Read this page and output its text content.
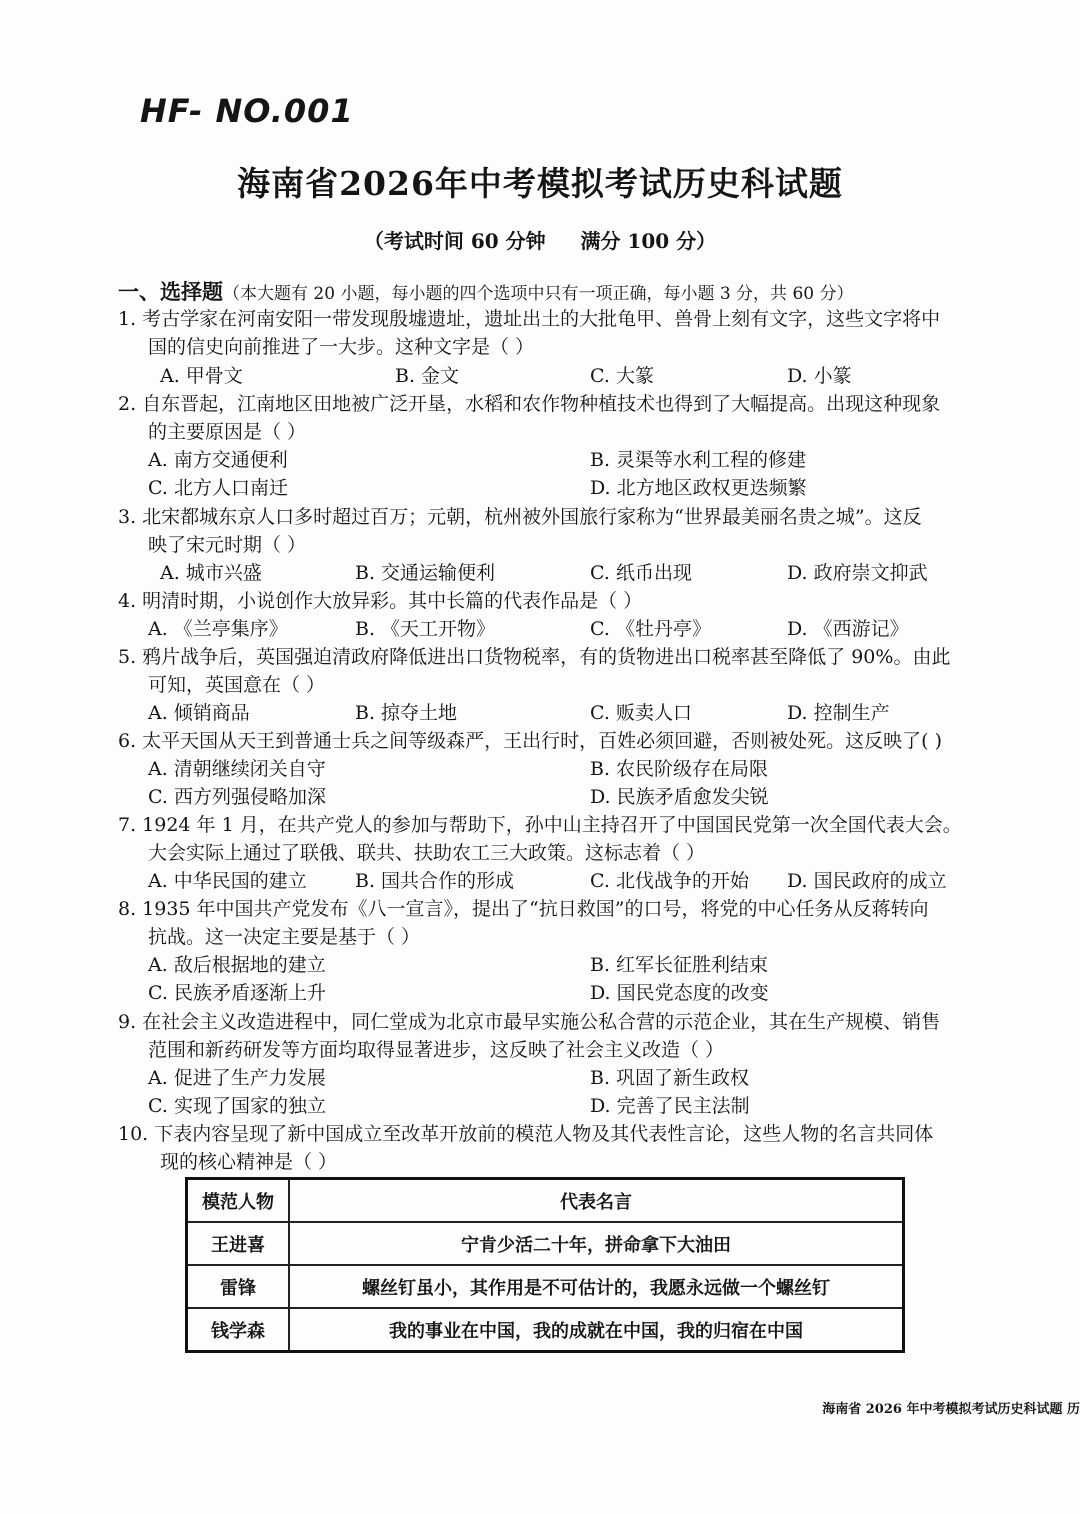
HF- NO.001
海南省2026年中考模拟考试历史科试题
（考试时间 60 分钟     满分 100 分）
一、选择题（本大题有 20 小题，每小题的四个选项中只有一项正确，每小题 3 分，共 60 分）
1. 考古学家在河南安阳一带发现殷墟遗址，遗址出土的大批龟甲、兽骨上刻有文字，这些文字将中
国的信史向前推进了一大步。这种文字是（ ）
A. 甲骨文	B. 金文	C. 大篆	D. 小篆
2. 自东晋起，江南地区田地被广泛开垦，水稻和农作物种植技术也得到了大幅提高。出现这种现象
的主要原因是（ ）
A. 南方交通便利	B. 灵渠等水利工程的修建
C. 北方人口南迁	D. 北方地区政权更迭频繁
3. 北宋都城东京人口多时超过百万；元朝，杭州被外国旅行家称为“世界最美丽名贵之城”。这反
映了宋元时期（ ）
A. 城市兴盛	B. 交通运输便利	C. 纸币出现	D. 政府崇文抑武
4. 明清时期，小说创作大放异彩。其中长篇的代表作品是（ ）
A. 《兰亭集序》	B. 《天工开物》	C. 《牡丹亭》	D. 《西游记》
5. 鸦片战争后，英国强迫清政府降低进出口货物税率，有的货物进出口税率甚至降低了 90%。由此
可知，英国意在（ ）
A. 倾销商品	B. 掠夺土地	C. 贩卖人口	D. 控制生产
6. 太平天国从天王到普通士兵之间等级森严，王出行时，百姓必须回避，否则被处死。这反映了( )
A. 清朝继续闭关自守	B. 农民阶级存在局限
C. 西方列强侵略加深	D. 民族矛盾愈发尖锐
7. 1924 年 1 月，在共产党人的参加与帮助下，孙中山主持召开了中国国民党第一次全国代表大会。
大会实际上通过了联俄、联共、扶助农工三大政策。这标志着（ ）
A. 中华民国的建立	B. 国共合作的形成	C. 北伐战争的开始 D. 国民政府的成立
8. 1935 年中国共产党发布《八一宣言》，提出了“抗日救国”的口号，将党的中心任务从反蒋转向
抗战。这一决定主要是基于（ ）
A. 敌后根据地的建立	B. 红军长征胜利结束
C. 民族矛盾逐渐上升	D. 国民党态度的改变
9. 在社会主义改造进程中，同仁堂成为北京市最早实施公私合营的示范企业，其在生产规模、销售
范围和新药研发等方面均取得显著进步，这反映了社会主义改造（ ）
A. 促进了生产力发展	B. 巩固了新生政权
C. 实现了国家的独立	D. 完善了民主法制
10. 下表内容呈现了新中国成立至改革开放前的模范人物及其代表性言论，这些人物的名言共同体
现的核心精神是（ ）
模范人物	代表名言
王进喜	宁肯少活二十年，拼命拿下大油田
雷锋	螺丝钉虽小，其作用是不可估计的，我愿永远做一个螺丝钉
钱学森	我的事业在中国，我的成就在中国，我的归宿在中国
海南省 2026 年中考模拟考试历史科试题 历
